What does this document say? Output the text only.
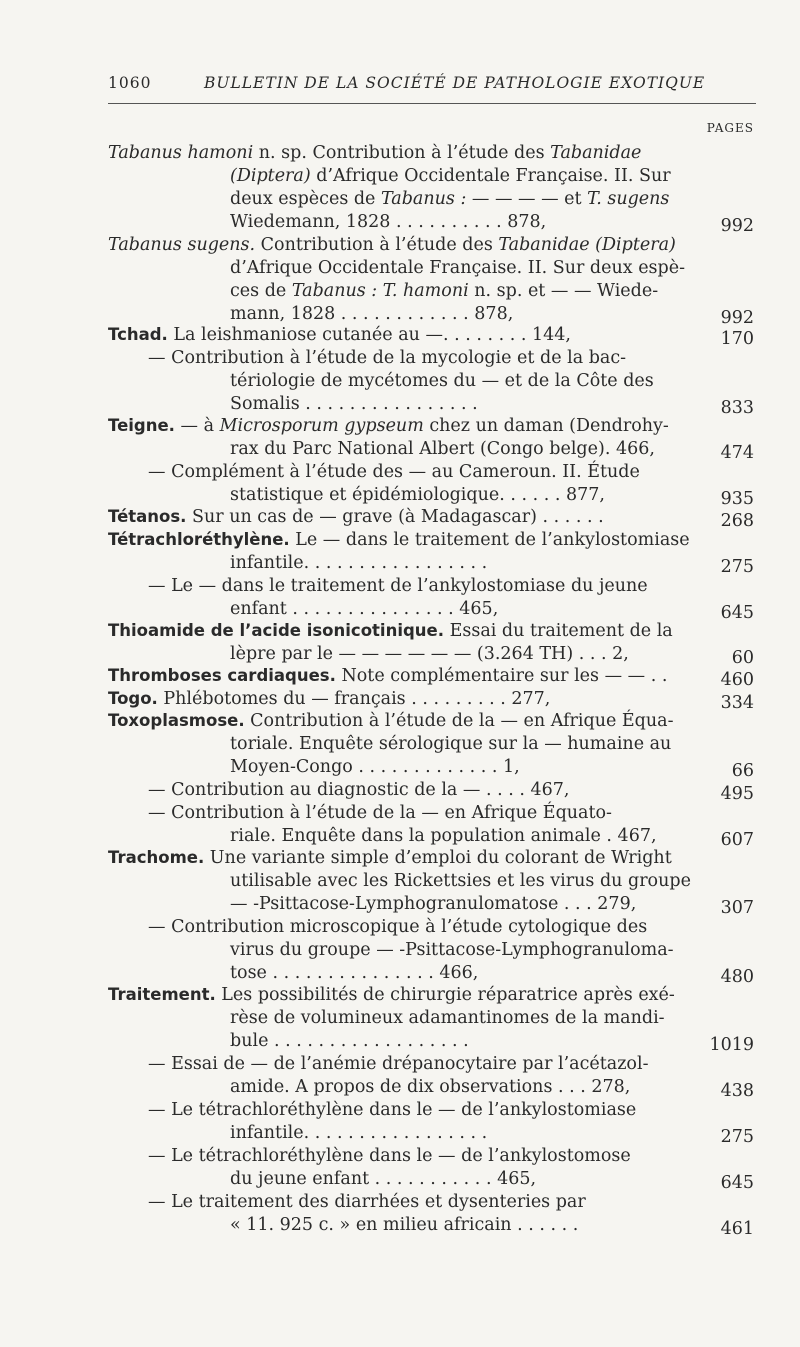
1060	BULLETIN DE LA SOCIÉTÉ DE PATHOLOGIE EXOTIQUE
PAGES
Tabanus hamoni n. sp. Contribution à l’étude des Tabanidae
(Diptera) d’Afrique Occidentale Française. II. Sur
deux espèces de Tabanus : — — — — et T. sugens
Wiedemann, 1828 . . . . . . . . . . 878,	992
Tabanus sugens. Contribution à l’étude des Tabanidae (Diptera)
d’Afrique Occidentale Française. II. Sur deux espè-
ces de Tabanus : T. hamoni n. sp. et — — Wiede-
mann, 1828 . . . . . . . . . . . . 878,	992
Tchad. La leishmaniose cutanée au —. . . . . . . . 144,	170
— Contribution à l’étude de la mycologie et de la bac-
tériologie de mycétomes du — et de la Côte des
Somalis . . . . . . . . . . . . . . . .	833
Teigne. — à Microsporum gypseum chez un daman (Dendrohy-
rax du Parc National Albert (Congo belge). 466,	474
— Complément à l’étude des — au Cameroun. II. Étude
statistique et épidémiologique. . . . . . 877,	935
Tétanos. Sur un cas de — grave (à Madagascar) . . . . . .	268
Tétrachloréthylène. Le — dans le traitement de l’ankylostomiase
infantile. . . . . . . . . . . . . . . . .	275
— Le — dans le traitement de l’ankylostomiase du jeune
enfant . . . . . . . . . . . . . . . 465,	645
Thioamide de l’acide isonicotinique. Essai du traitement de la
lèpre par le — — — — — — (3.264 TH) . . . 2,	60
Thromboses cardiaques. Note complémentaire sur les — — . .	460
Togo. Phlébotomes du — français . . . . . . . . . 277,	334
Toxoplasmose. Contribution à l’étude de la — en Afrique Équa-
toriale. Enquête sérologique sur la — humaine au
Moyen-Congo . . . . . . . . . . . . . 1,	66
— Contribution au diagnostic de la — . . . . 467,	495
— Contribution à l’étude de la — en Afrique Équato-
riale. Enquête dans la population animale . 467,	607
Trachome. Une variante simple d’emploi du colorant de Wright
utilisable avec les Rickettsies et les virus du groupe
— -Psittacose-Lymphogranulomatose . . . 279,	307
— Contribution microscopique à l’étude cytologique des
virus du groupe — -Psittacose-Lymphogranuloma-
tose . . . . . . . . . . . . . . . 466,	480
Traitement. Les possibilités de chirurgie réparatrice après exé-
rèse de volumineux adamantinomes de la mandi-
bule . . . . . . . . . . . . . . . . . .	1019
— Essai de — de l’anémie drépanocytaire par l’acétazol-
amide. A propos de dix observations . . . 278,	438
— Le tétrachloréthylène dans le — de l’ankylostomiase
infantile. . . . . . . . . . . . . . . . .	275
— Le tétrachloréthylène dans le — de l’ankylostomose
du jeune enfant . . . . . . . . . . . 465,	645
— Le traitement des diarrhées et dysenteries par
« 11. 925 c. » en milieu africain . . . . . .	461
